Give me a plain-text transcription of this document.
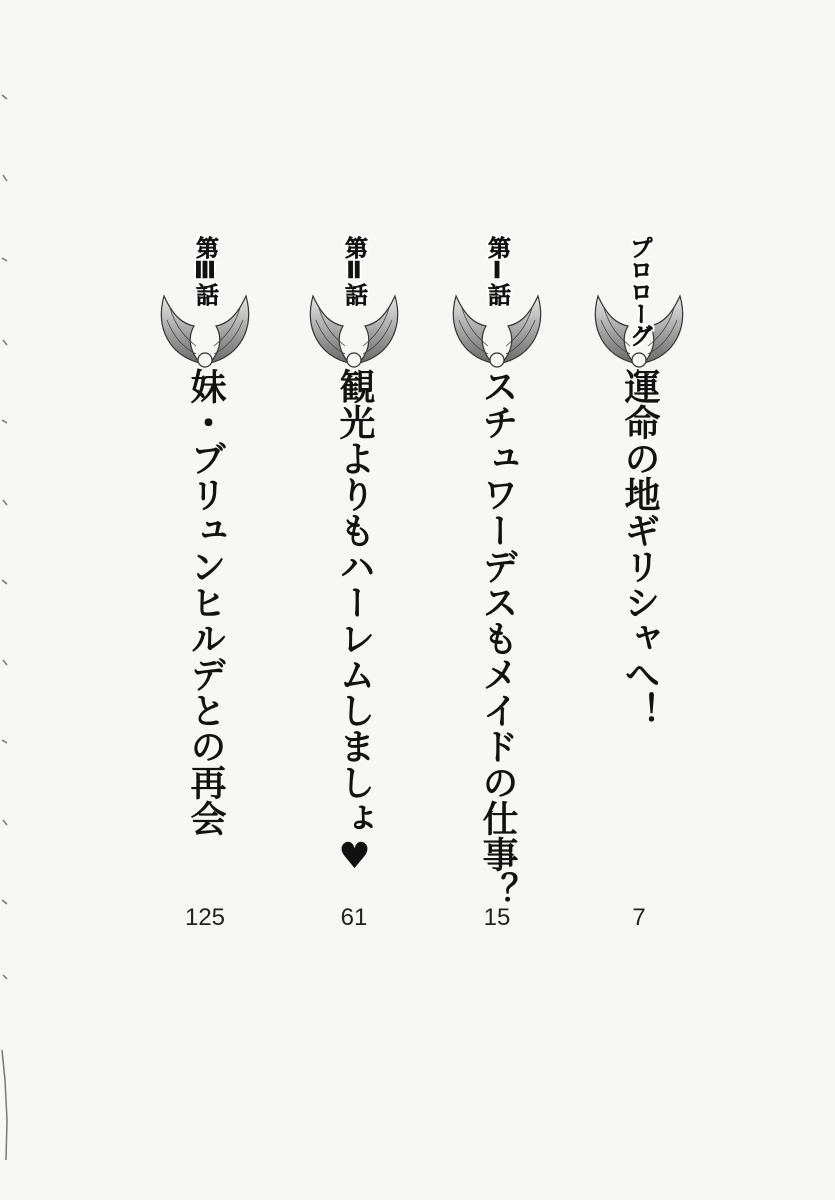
プロローグ
運命の地ギリシャへ！
7
第Ⅰ話
スチュワーデスもメイドの仕事？
15
第Ⅱ話
観光よりもハーレムしましょ♥
61
第Ⅲ話
妹・ブリュンヒルデとの再会
125
